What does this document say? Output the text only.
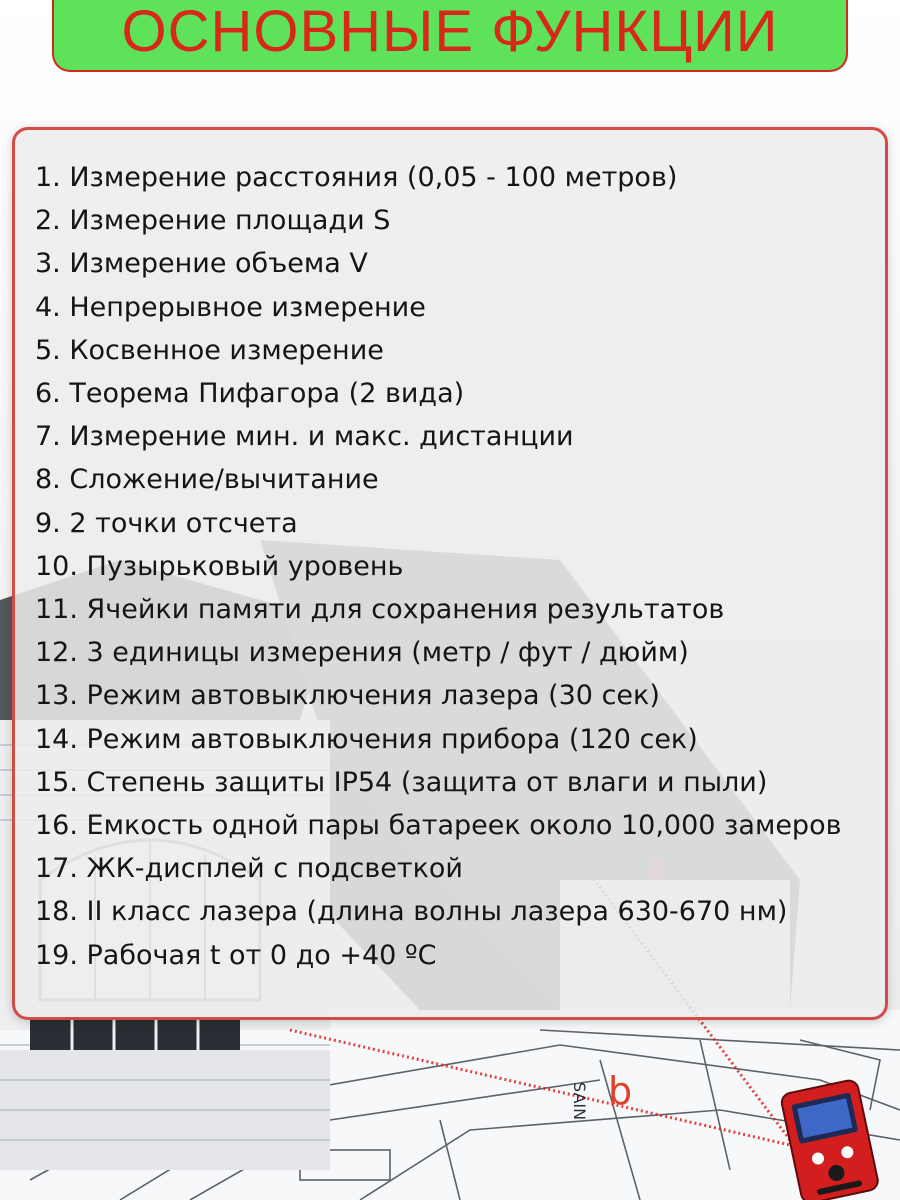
b
SAIN
ОСНОВНЫЕ ФУНКЦИИ
1. Измерение расстояния (0,05 - 100 метров)
2. Измерение площади S
3. Измерение объема V
4. Непрерывное измерение
5. Косвенное измерение
6. Теорема Пифагора (2 вида)
7. Измерение мин. и макс. дистанции
8. Сложение/вычитание
9. 2 точки отсчета
10. Пузырьковый уровень
11. Ячейки памяти для сохранения результатов
12. 3 единицы измерения (метр / фут / дюйм)
13. Режим автовыключения лазера (30 сек)
14. Режим автовыключения прибора (120 сек)
15. Степень защиты IP54 (защита от влаги и пыли)
16. Емкость одной пары батареек около 10,000 замеров
17. ЖК-дисплей с подсветкой
18. II класс лазера (длина волны лазера 630-670 нм)
19. Рабочая t от 0 до +40 ºС
